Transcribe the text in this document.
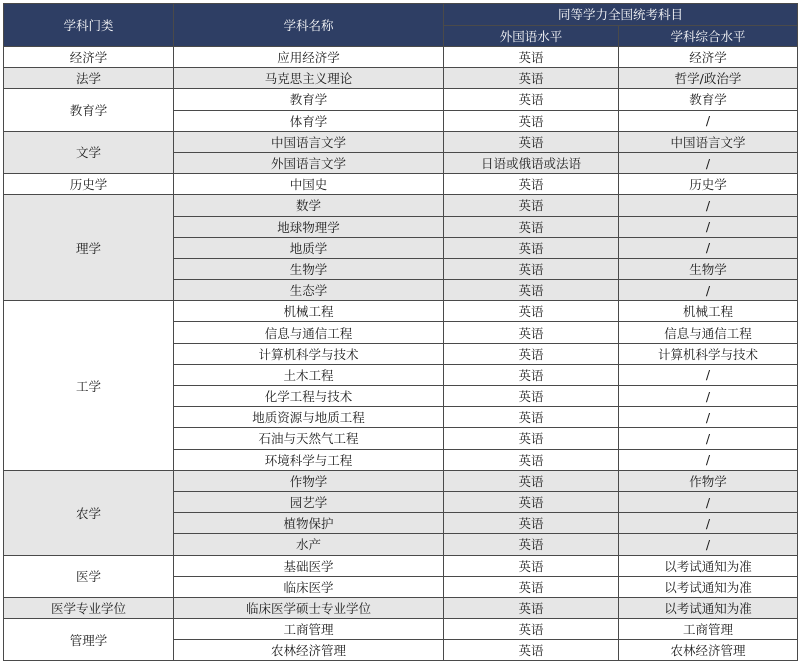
学科门类	学科名称	同等学力全国统考科目	
		外国语水平	学科综合水平
经济学	应用经济学	英语	经济学
法学	马克思主义理论	英语	哲学/政治学
教育学	教育学	英语	教育学
	体育学	英语	/
文学	中国语言文学	英语	中国语言文学
	外国语言文学	日语或俄语或法语	/
历史学	中国史	英语	历史学
理学	数学	英语	/
	地球物理学	英语	/
	地质学	英语	/
	生物学	英语	生物学
	生态学	英语	/
工学	机械工程	英语	机械工程
	信息与通信工程	英语	信息与通信工程
	计算机科学与技术	英语	计算机科学与技术
	土木工程	英语	/
	化学工程与技术	英语	/
	地质资源与地质工程	英语	/
	石油与天然气工程	英语	/
	环境科学与工程	英语	/
农学	作物学	英语	作物学
	园艺学	英语	/
	植物保护	英语	/
	水产	英语	/
医学	基础医学	英语	以考试通知为准
	临床医学	英语	以考试通知为准
医学专业学位	临床医学硕士专业学位	英语	以考试通知为准
管理学	工商管理	英语	工商管理
	农林经济管理	英语	农林经济管理
